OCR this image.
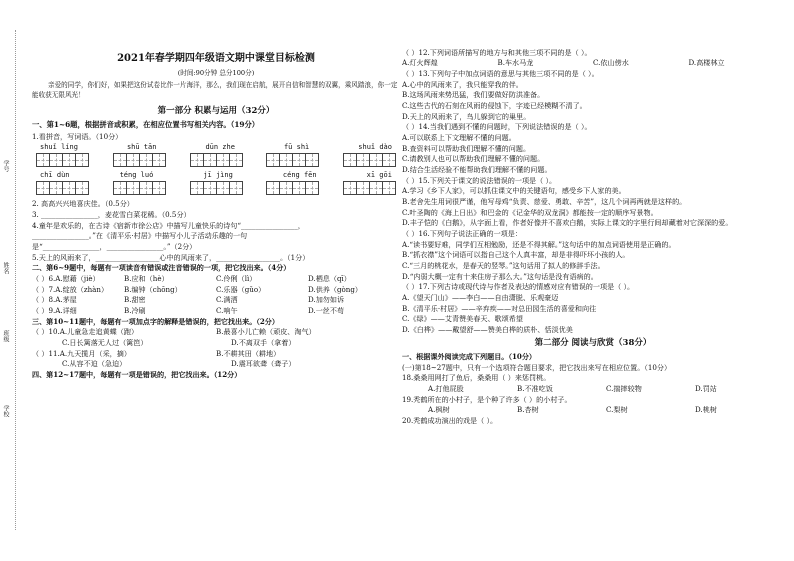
学号
姓名
班级
学校
2021年春学期四年级语文期中课堂目标检测
(时间:90分钟 总分100分)
亲爱的同学，你们好，如果把这份试卷比作一片海洋，那么，我们现在启航，展开自信和智慧的双翼，乘风踏浪，你一定能收获无限风光！
第一部分 积累与运用（32分）
一、第1~6题，根据拼音或积累，在相应位置书写相关内容。（19分）
1.看拼音，写词语。（10分）
shuǐ líng	shū tān	dūn zhe	fū shì	shuǐ dào
chī dùn	téng luó	jī jìng	céng fēn	xī gōi
2. 高高兴兴地喜庆佳。（0.5分）
3. ________________，麦花雪白菜花稀。（0.5分）
4.童年是欢乐的，在古诗《宿新市徐公店》中描写儿童快乐的诗句“________________，
________________。”在《清平乐·村居》中描写小儿子活动乐趣的一句
是“________________，________________。”（2分）
5.天上的风雨来了，__________________心中的风雨来了，__________________。（1分）
二、第6~9题中，每题有一项读音有错误或注音错误的一项，把它找出来。（4分）
（ ）6.A.慰藉（jiè）	B.应和（hè）	C.伶俐（lì）	D.栖息（qī）
（ ）7.A.绽放（zhàn）	B.编钟（chōng）	C.乐器（gǔo）	D.供养（gòng）
（ ）8.A.茅屋	B.甜密	C.满洒	D.加勿如诉
（ ）9.A.详细	B.冷刷	C.响午	D.一丝不苟
三、第10~11题中，每题有一项加点字的解释是错误的，把它找出来。（2分）
（ ）10.A.儿童急走追黄蝶（跑）	B.最喜小儿亡赖（顽皮、淘气）
C.日长篱落无人过（篱笆）	D.不离双手（拿着）
（ ）11.A.九天揽月（采，摘）	B.不耕其田（耕地）
C.从容不迫（急迫）	D.震耳欲聋（聋子）
四、第12~17题中，每题有一项是错误的，把它找出来。（12分）
（ ）12.下列词语所描写的地方与和其他三项不同的是（ ）。
A.灯火辉煌	B.车水马龙	C.依山傍水	D.高楼林立
（ ）13.下列句子中加点词语的意思与其他三项不同的是（ ）。
A.心中的风雨来了，我只能穿我的伴。
B.这场风雨来势迅猛，我们要做好防洪准备。
C.这些古代的石刻在风雨的侵蚀下，字迹已经模糊不清了。
D.天上的风雨来了，鸟儿躲到它的巢里。
（ ）14.当我们遇到不懂的问题时，下列说法错误的是（ ）。
A.可以联系上下文理解不懂的问题。
B.查资料可以帮助我们理解不懂的问题。
C.请教别人也可以帮助我们理解不懂的问题。
D.结合生活经验不能帮助我们理解不懂的问题。
（ ）15.下列关于课文的说法错误的一项是（ ）。
A.学习《乡下人家》，可以抓住课文中的关键语句，感受乡下人家的美。
B.老舍先生用词很严谨，他写母鸡“负责、慈爱、勇敢、辛苦”，这几个词再两就是这样的。
C.叶圣陶的《海上日出》和巴金的《记金华的双龙洞》都能按一定的顺序写景物。
D.丰子恺的《白鹅》，从字面上看，作者好像并不喜欢白鹅，实际上课文的字里行间却藏着对它深深的爱。
（ ）16.下列句子说法正确的一项是：
A.“读书要好难，同学们互相勉励，还是不得其解。”这句话中的加点词语使用是正确的。
B.“抓衣襟”这个词语可以指自己这个人真丰富，却是非得吓坏小孩的人。
C.“三月的桃花水，是春天的竖琴。”这句话用了拟人的修辞手法。
D.“内弱大概一定有十来住房子那么大。”这句话是没有语病的。
（ ）17.下列古诗或现代诗与作者及表达的情感对应有错误的一项是（ ）。
A.《望天门山》——李白——自由潇脱、乐观豪迈
B.《清平乐·村居》——辛弃疾——对总田园生活的喜爱和向往
C.《绿》——艾青赞美春天、歌颂希望
D.《白桦》——戴望舒——赞美白桦的质朴、恬淡优美
第二部分 阅读与欣赏（38分）
一、根据课外阅读完成下列题目。（10分）
(一)第18~27题中，只有一个选项符合题目要求，把它找出来写在相应位置。（10分）
18.桑桑用网打了鱼后，桑桑用（ ）来惩罚桃。
A.打他屁股	B.不准吃饭	C.揣摔较物	D.罚站
19.秃鹤所在的小村子，是个种了许多（ ）的小村子。
A.枫树	B.杏树	C.梨树	D.桃树
20.秃鹤成功演出的戏是（ ）。
